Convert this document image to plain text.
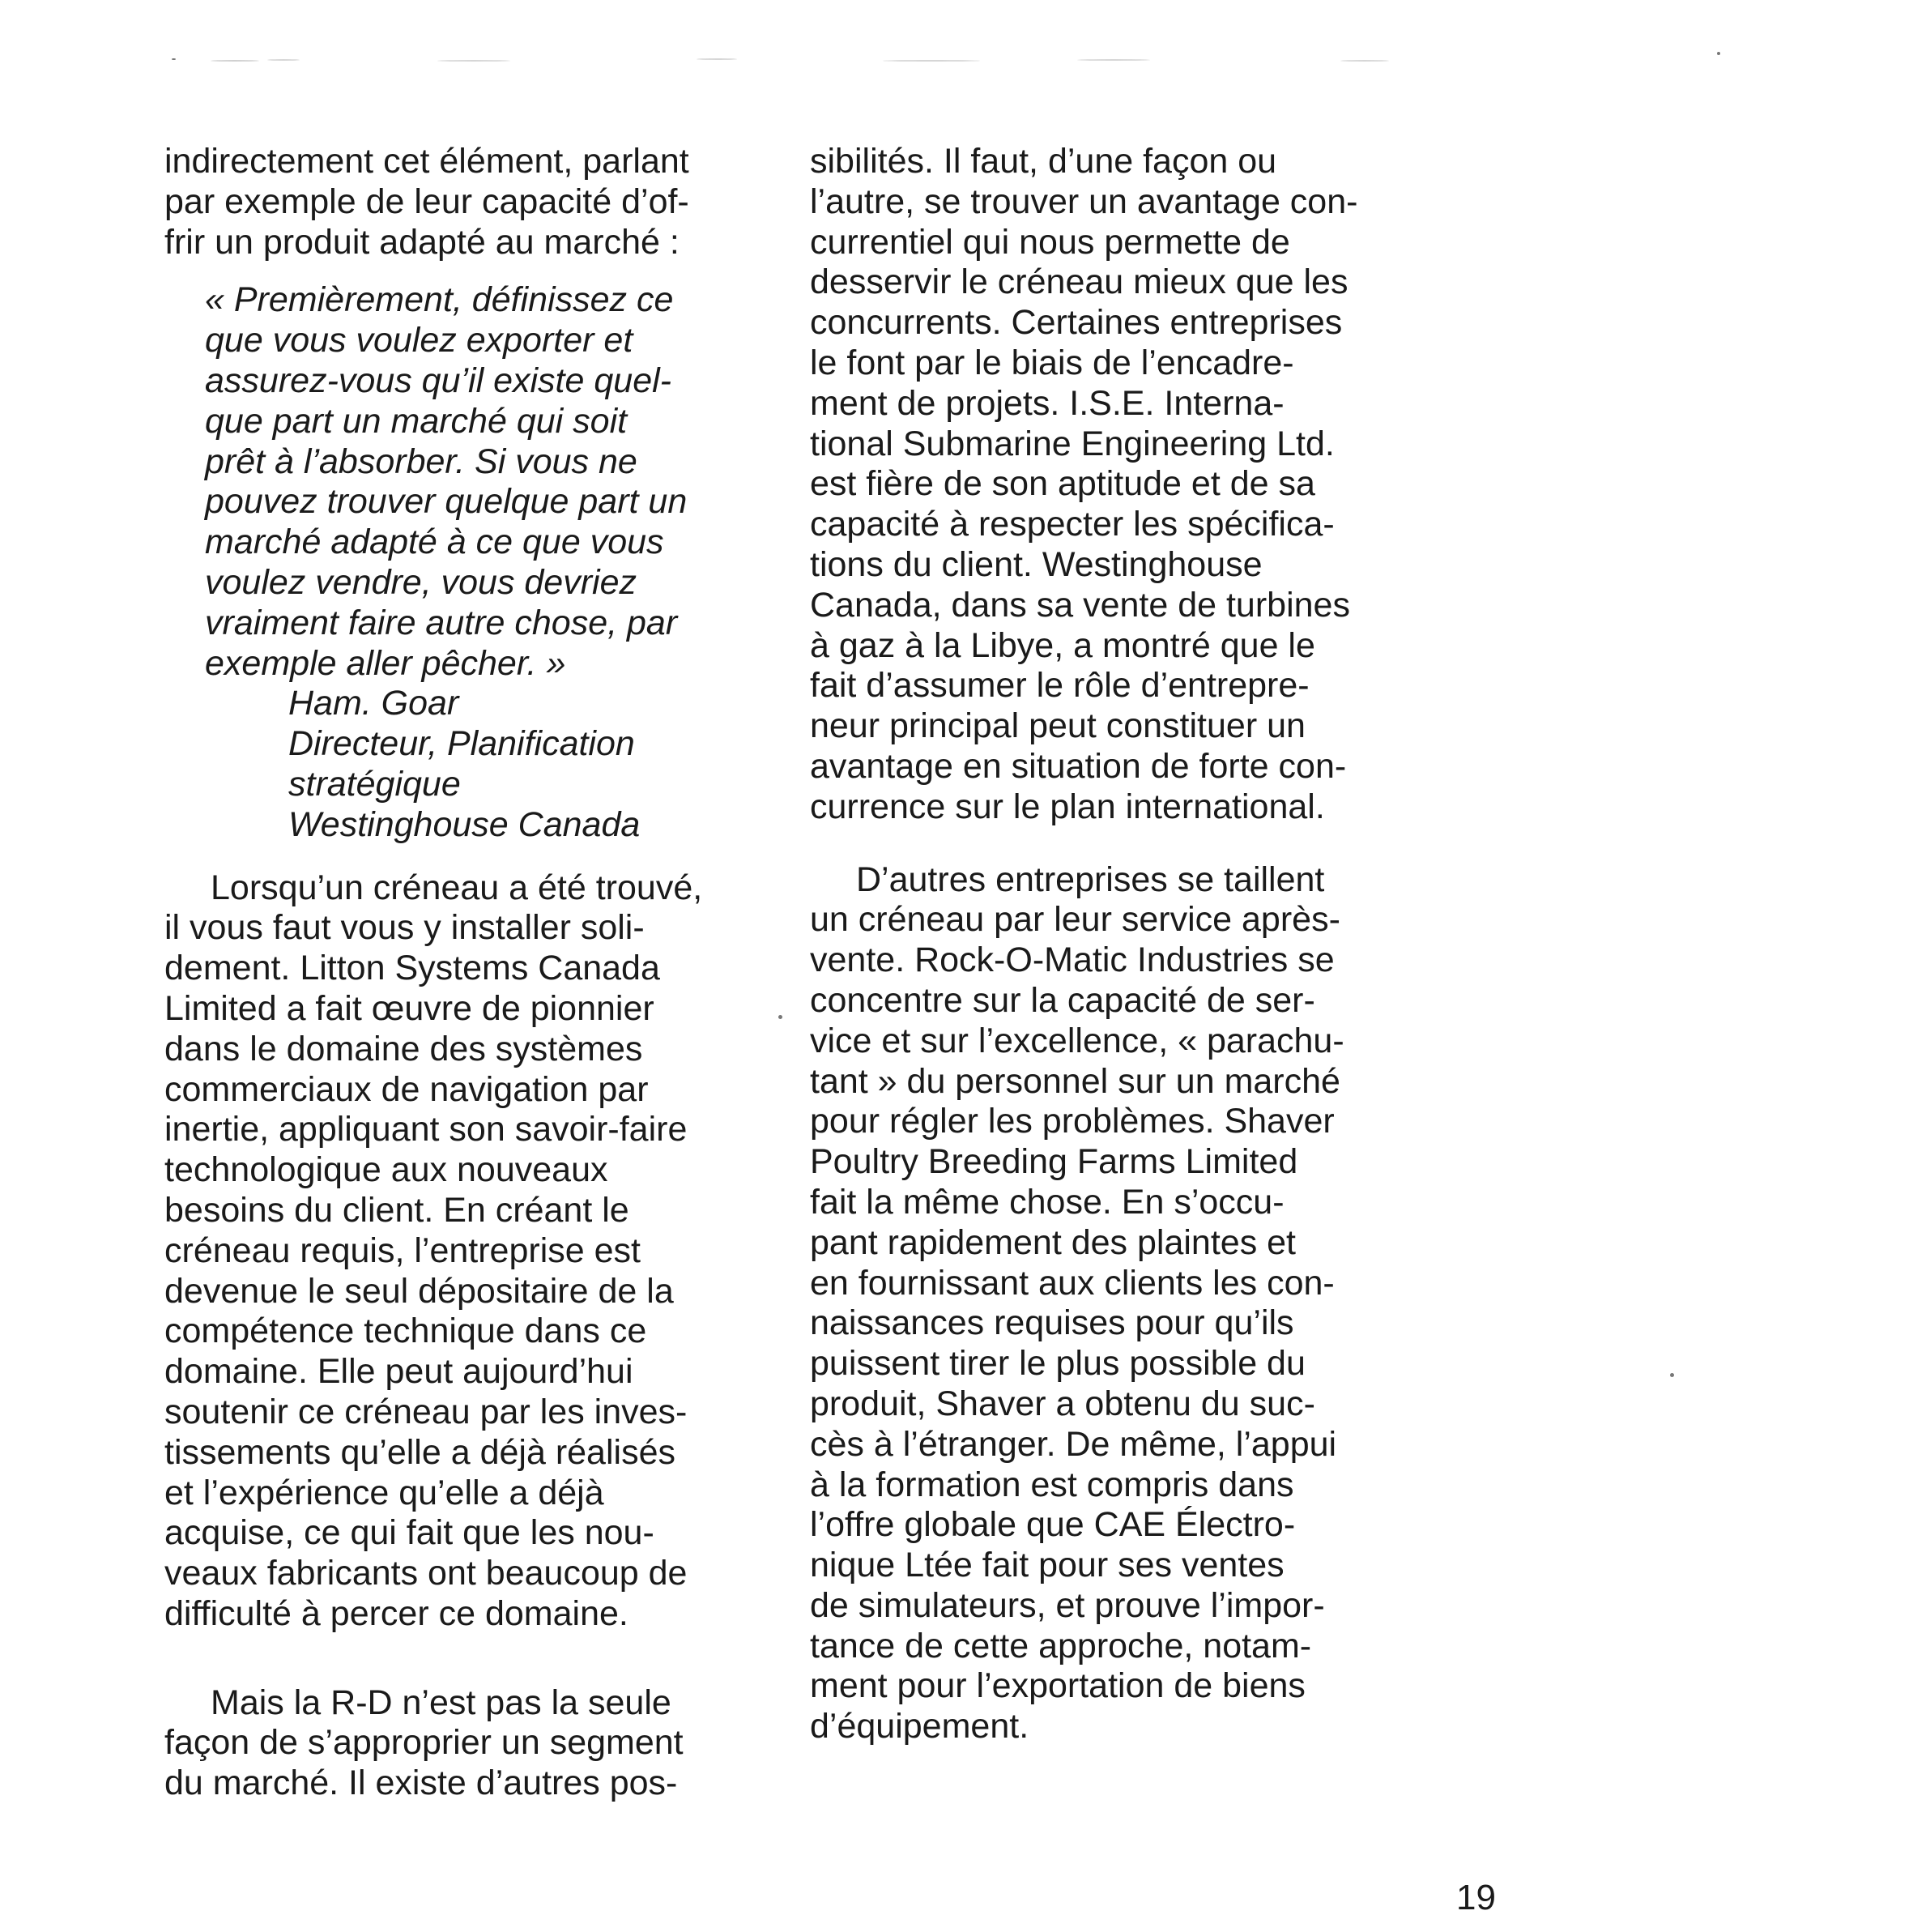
indirectement cet élément, parlant
par exemple de leur capacité d’of-
frir un produit adapté au marché :
« Premièrement, définissez ce
que vous voulez exporter et
assurez-vous qu’il existe quel-
que part un marché qui soit
prêt à l’absorber. Si vous ne
pouvez trouver quelque part un
marché adapté à ce que vous
voulez vendre, vous devriez
vraiment faire autre chose, par
exemple aller pêcher. »
Ham. Goar
Directeur, Planification
stratégique
Westinghouse Canada
Lorsqu’un créneau a été trouvé,
il vous faut vous y installer soli-
dement. Litton Systems Canada
Limited a fait œuvre de pionnier
dans le domaine des systèmes
commerciaux de navigation par
inertie, appliquant son savoir-faire
technologique aux nouveaux
besoins du client. En créant le
créneau requis, l’entreprise est
devenue le seul dépositaire de la
compétence technique dans ce
domaine. Elle peut aujourd’hui
soutenir ce créneau par les inves-
tissements qu’elle a déjà réalisés
et l’expérience qu’elle a déjà
acquise, ce qui fait que les nou-
veaux fabricants ont beaucoup de
difficulté à percer ce domaine.
Mais la R-D n’est pas la seule
façon de s’approprier un segment
du marché. Il existe d’autres pos-
sibilités. Il faut, d’une façon ou
l’autre, se trouver un avantage con-
currentiel qui nous permette de
desservir le créneau mieux que les
concurrents. Certaines entreprises
le font par le biais de l’encadre-
ment de projets. I.S.E. Interna-
tional Submarine Engineering Ltd.
est fière de son aptitude et de sa
capacité à respecter les spécifica-
tions du client. Westinghouse
Canada, dans sa vente de turbines
à gaz à la Libye, a montré que le
fait d’assumer le rôle d’entrepre-
neur principal peut constituer un
avantage en situation de forte con-
currence sur le plan international.
D’autres entreprises se taillent
un créneau par leur service après-
vente. Rock-O-Matic Industries se
concentre sur la capacité de ser-
vice et sur l’excellence, « parachu-
tant » du personnel sur un marché
pour régler les problèmes. Shaver
Poultry Breeding Farms Limited
fait la même chose. En s’occu-
pant rapidement des plaintes et
en fournissant aux clients les con-
naissances requises pour qu’ils
puissent tirer le plus possible du
produit, Shaver a obtenu du suc-
cès à l’étranger. De même, l’appui
à la formation est compris dans
l’offre globale que CAE Électro-
nique Ltée fait pour ses ventes
de simulateurs, et prouve l’impor-
tance de cette approche, notam-
ment pour l’exportation de biens
d’équipement.
19
